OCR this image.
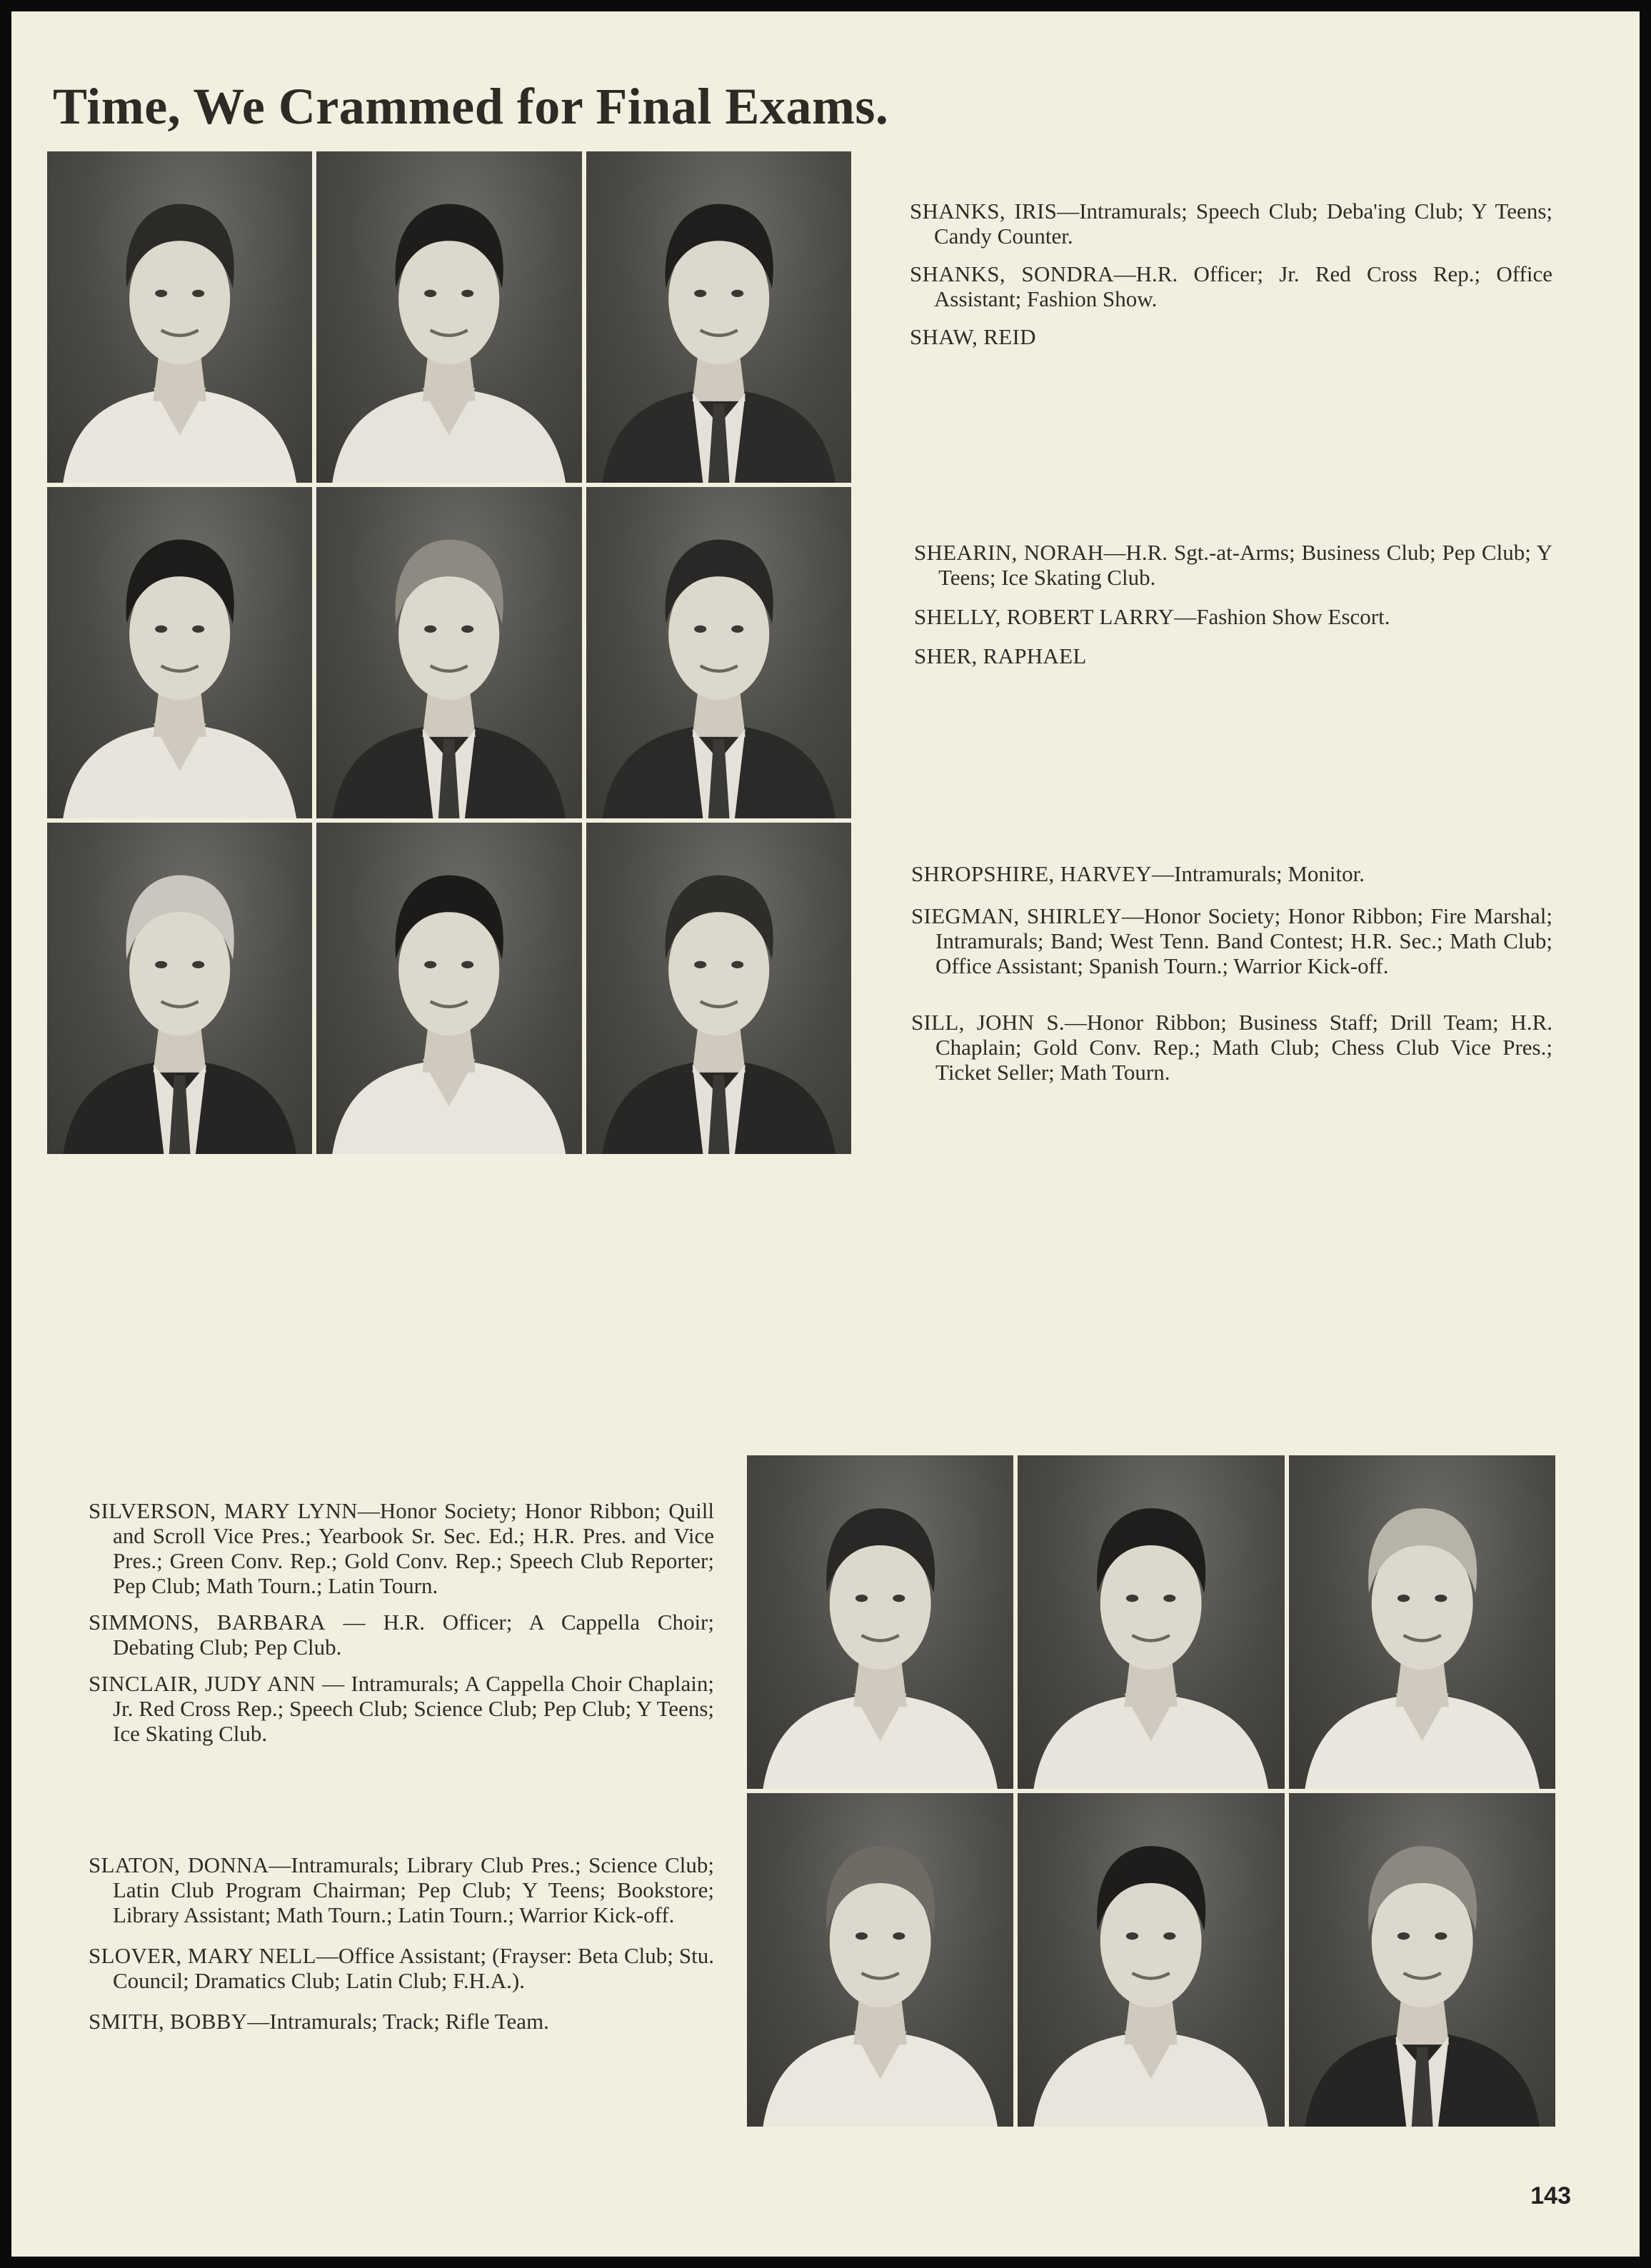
Time, We Crammed for Final Exams.

SHANKS, IRIS—Intramurals; Speech Club; Deba'ing Club; Y Teens; Candy Counter.

SHANKS, SONDRA—H.R. Officer; Jr. Red Cross Rep.; Office Assistant; Fashion Show.

SHAW, REID

SHEARIN, NORAH—H.R. Sgt.-at-Arms; Business Club; Pep Club; Y Teens; Ice Skating Club.

SHELLY, ROBERT LARRY—Fashion Show Escort.

SHER, RAPHAEL

SHROPSHIRE, HARVEY—Intramurals; Monitor.

SIEGMAN, SHIRLEY—Honor Society; Honor Ribbon; Fire Marshal; Intramurals; Band; West Tenn. Band Contest; H.R. Sec.; Math Club; Office Assistant; Spanish Tourn.; Warrior Kick-off.

SILL, JOHN S.—Honor Ribbon; Business Staff; Drill Team; H.R. Chaplain; Gold Conv. Rep.; Math Club; Chess Club Vice Pres.; Ticket Seller; Math Tourn.

SILVERSON, MARY LYNN—Honor Society; Honor Ribbon; Quill and Scroll Vice Pres.; Yearbook Sr. Sec. Ed.; H.R. Pres. and Vice Pres.; Green Conv. Rep.; Gold Conv. Rep.; Speech Club Reporter; Pep Club; Math Tourn.; Latin Tourn.

SIMMONS, BARBARA — H.R. Officer; A Cappella Choir; Debating Club; Pep Club.

SINCLAIR, JUDY ANN — Intramurals; A Cappella Choir Chaplain; Jr. Red Cross Rep.; Speech Club; Science Club; Pep Club; Y Teens; Ice Skating Club.

SLATON, DONNA—Intramurals; Library Club Pres.; Science Club; Latin Club Program Chairman; Pep Club; Y Teens; Bookstore; Library Assistant; Math Tourn.; Latin Tourn.; Warrior Kick-off.

SLOVER, MARY NELL—Office Assistant; (Frayser: Beta Club; Stu. Council; Dramatics Club; Latin Club; F.H.A.).

SMITH, BOBBY—Intramurals; Track; Rifle Team.

143
